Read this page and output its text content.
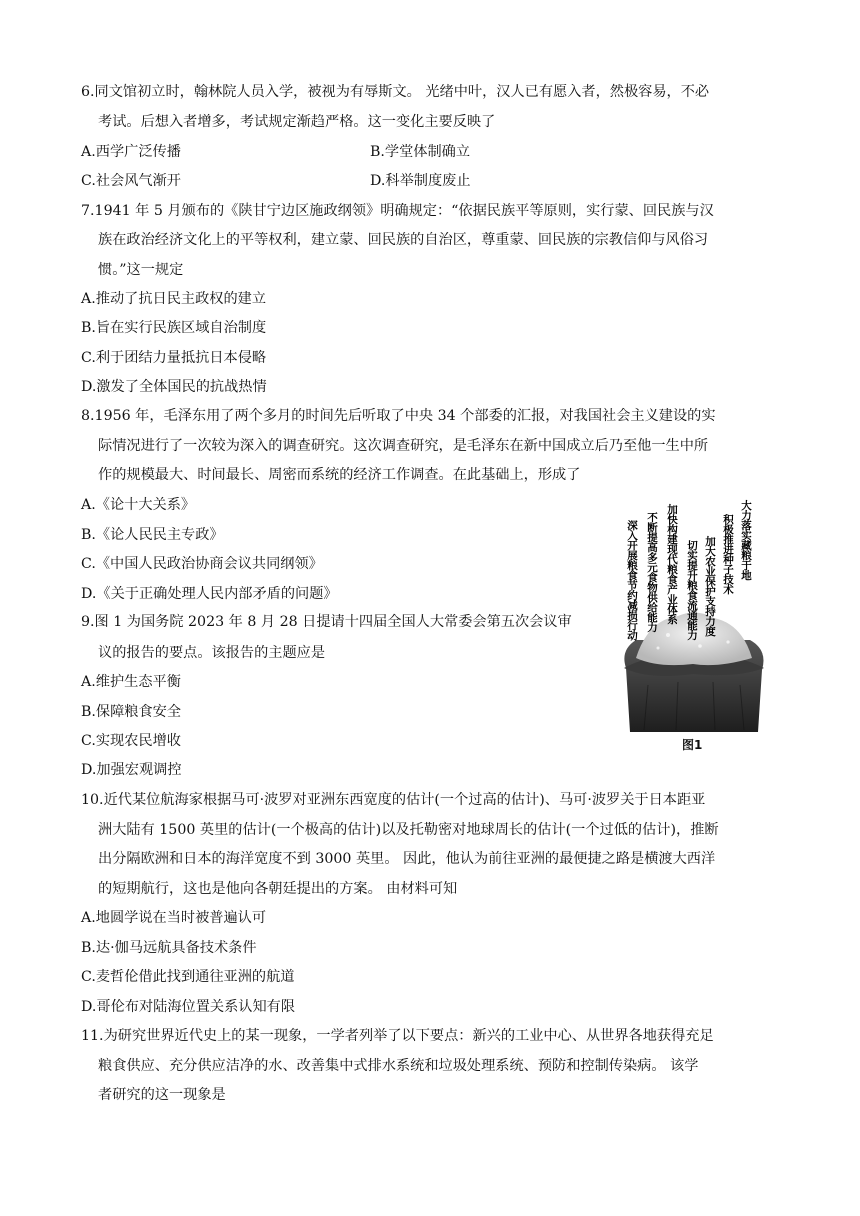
6.同文馆初立时，翰林院人员入学，被视为有辱斯文。 光绪中叶，汉人已有愿入者，然极容易，不必
考试。后想入者增多，考试规定渐趋严格。这一变化主要反映了
A.西学广泛传播	B.学堂体制确立
C.社会风气渐开	D.科举制度废止
7.1941 年 5 月颁布的《陕甘宁边区施政纲领》明确规定：“依据民族平等原则，实行蒙、回民族与汉
族在政治经济文化上的平等权利，建立蒙、回民族的自治区，尊重蒙、回民族的宗教信仰与风俗习
惯。”这一规定
A.推动了抗日民主政权的建立
B.旨在实行民族区域自治制度
C.利于团结力量抵抗日本侵略
D.激发了全体国民的抗战热情
8.1956 年，毛泽东用了两个多月的时间先后听取了中央 34 个部委的汇报，对我国社会主义建设的实
际情况进行了一次较为深入的调查研究。这次调查研究，是毛泽东在新中国成立后乃至他一生中所
作的规模最大、时间最长、周密而系统的经济工作调查。在此基础上，形成了
A.《论十大关系》
B.《论人民民主专政》
C.《中国人民政治协商会议共同纲领》
D.《关于正确处理人民内部矛盾的问题》
9.图 1 为国务院 2023 年 8 月 28 日提请十四届全国人大常委会第五次会议审
议的报告的要点。该报告的主题应是
A.维护生态平衡
B.保障粮食安全
C.实现农民增收
D.加强宏观调控
深入开展粮食节约减损行动 不断提高多元食物供给能力 加快构建现代粮食产业体系 切实提升粮食流通能力 加大农业保护支持力度 积极推进种子技术 大力落实藏粮于地
图1
10.近代某位航海家根据马可·波罗对亚洲东西宽度的估计(一个过高的估计)、马可·波罗关于日本距亚
洲大陆有 1500 英里的估计(一个极高的估计)以及托勒密对地球周长的估计(一个过低的估计)，推断
出分隔欧洲和日本的海洋宽度不到 3000 英里。 因此，他认为前往亚洲的最便捷之路是横渡大西洋
的短期航行，这也是他向各朝廷提出的方案。 由材料可知
A.地圆学说在当时被普遍认可
B.达·伽马远航具备技术条件
C.麦哲伦借此找到通往亚洲的航道
D.哥伦布对陆海位置关系认知有限
11.为研究世界近代史上的某一现象，一学者列举了以下要点：新兴的工业中心、从世界各地获得充足
粮食供应、充分供应洁净的水、改善集中式排水系统和垃圾处理系统、预防和控制传染病。 该学
者研究的这一现象是
